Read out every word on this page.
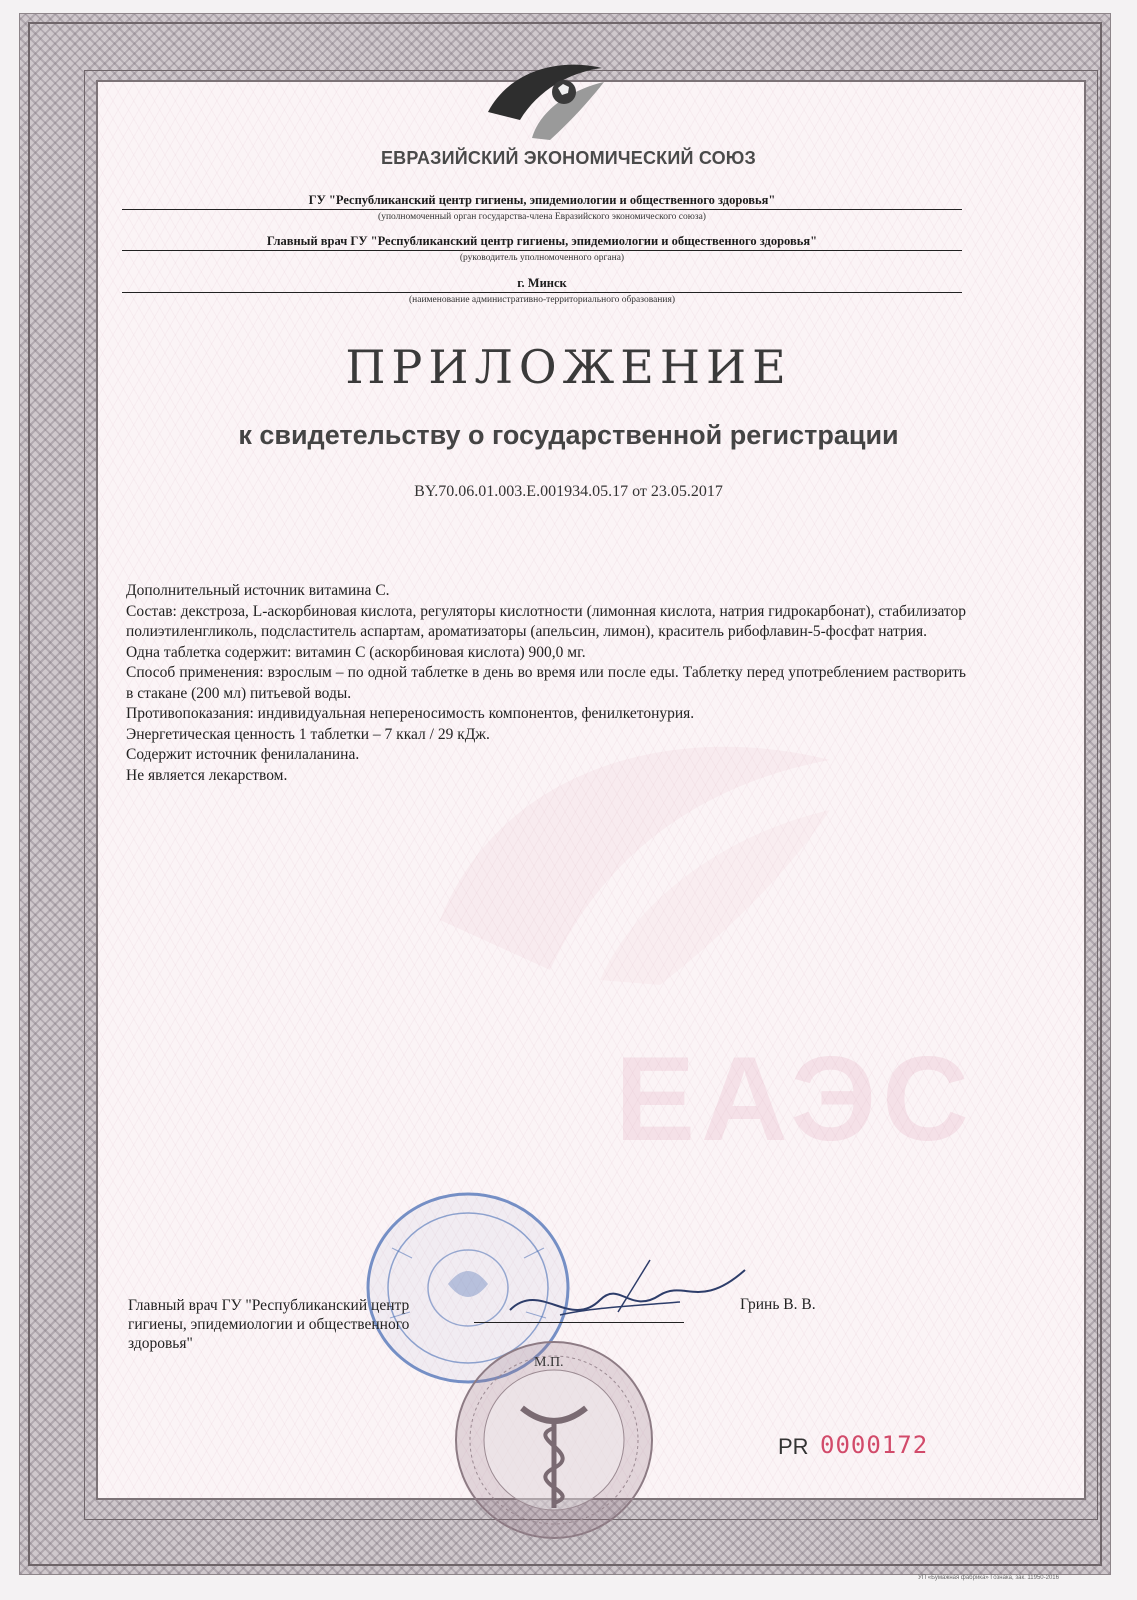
ЕВРАЗИЙСКИЙ ЭКОНОМИЧЕСКИЙ СОЮЗ
ГУ "Республиканский центр гигиены, эпидемиологии и общественного здоровья"
(уполномоченный орган государства-члена Евразийского экономического союза)
Главный врач ГУ "Республиканский центр гигиены, эпидемиологии и общественного здоровья"
(руководитель уполномоченного органа)
г. Минск
(наименование административно-территориального образования)
ПРИЛОЖЕНИЕ
к свидетельству о государственной регистрации
BY.70.06.01.003.E.001934.05.17 от 23.05.2017
ЕАЭС

Дополнительный источник витамина С.

Состав: декстроза, L-аскорбиновая кислота, регуляторы кислотности (лимонная кислота, натрия гидрокарбонат), стабилизатор полиэтиленгликоль, подсластитель аспартам, ароматизаторы (апельсин, лимон), краситель рибофлавин-5-фосфат натрия.

Одна таблетка содержит: витамин С (аскорбиновая кислота) 900,0 мг.

Способ применения: взрослым – по одной таблетке в день во время или после еды. Таблетку перед употреблением растворить в стакане (200 мл) питьевой воды.

Противопоказания: индивидуальная непереносимость компонентов, фенилкетонурия.

Энергетическая ценность 1 таблетки – 7 ккал / 29 кДж.

Содержит источник фенилаланина.

Не является лекарством.

Главный врач ГУ "Республиканский центр гигиены, эпидемиологии и общественного здоровья"
Гринь В. В.
М.П.
PR 0000172
УП «Бумажная фабрика» Гознака, зак. 11950-2016
